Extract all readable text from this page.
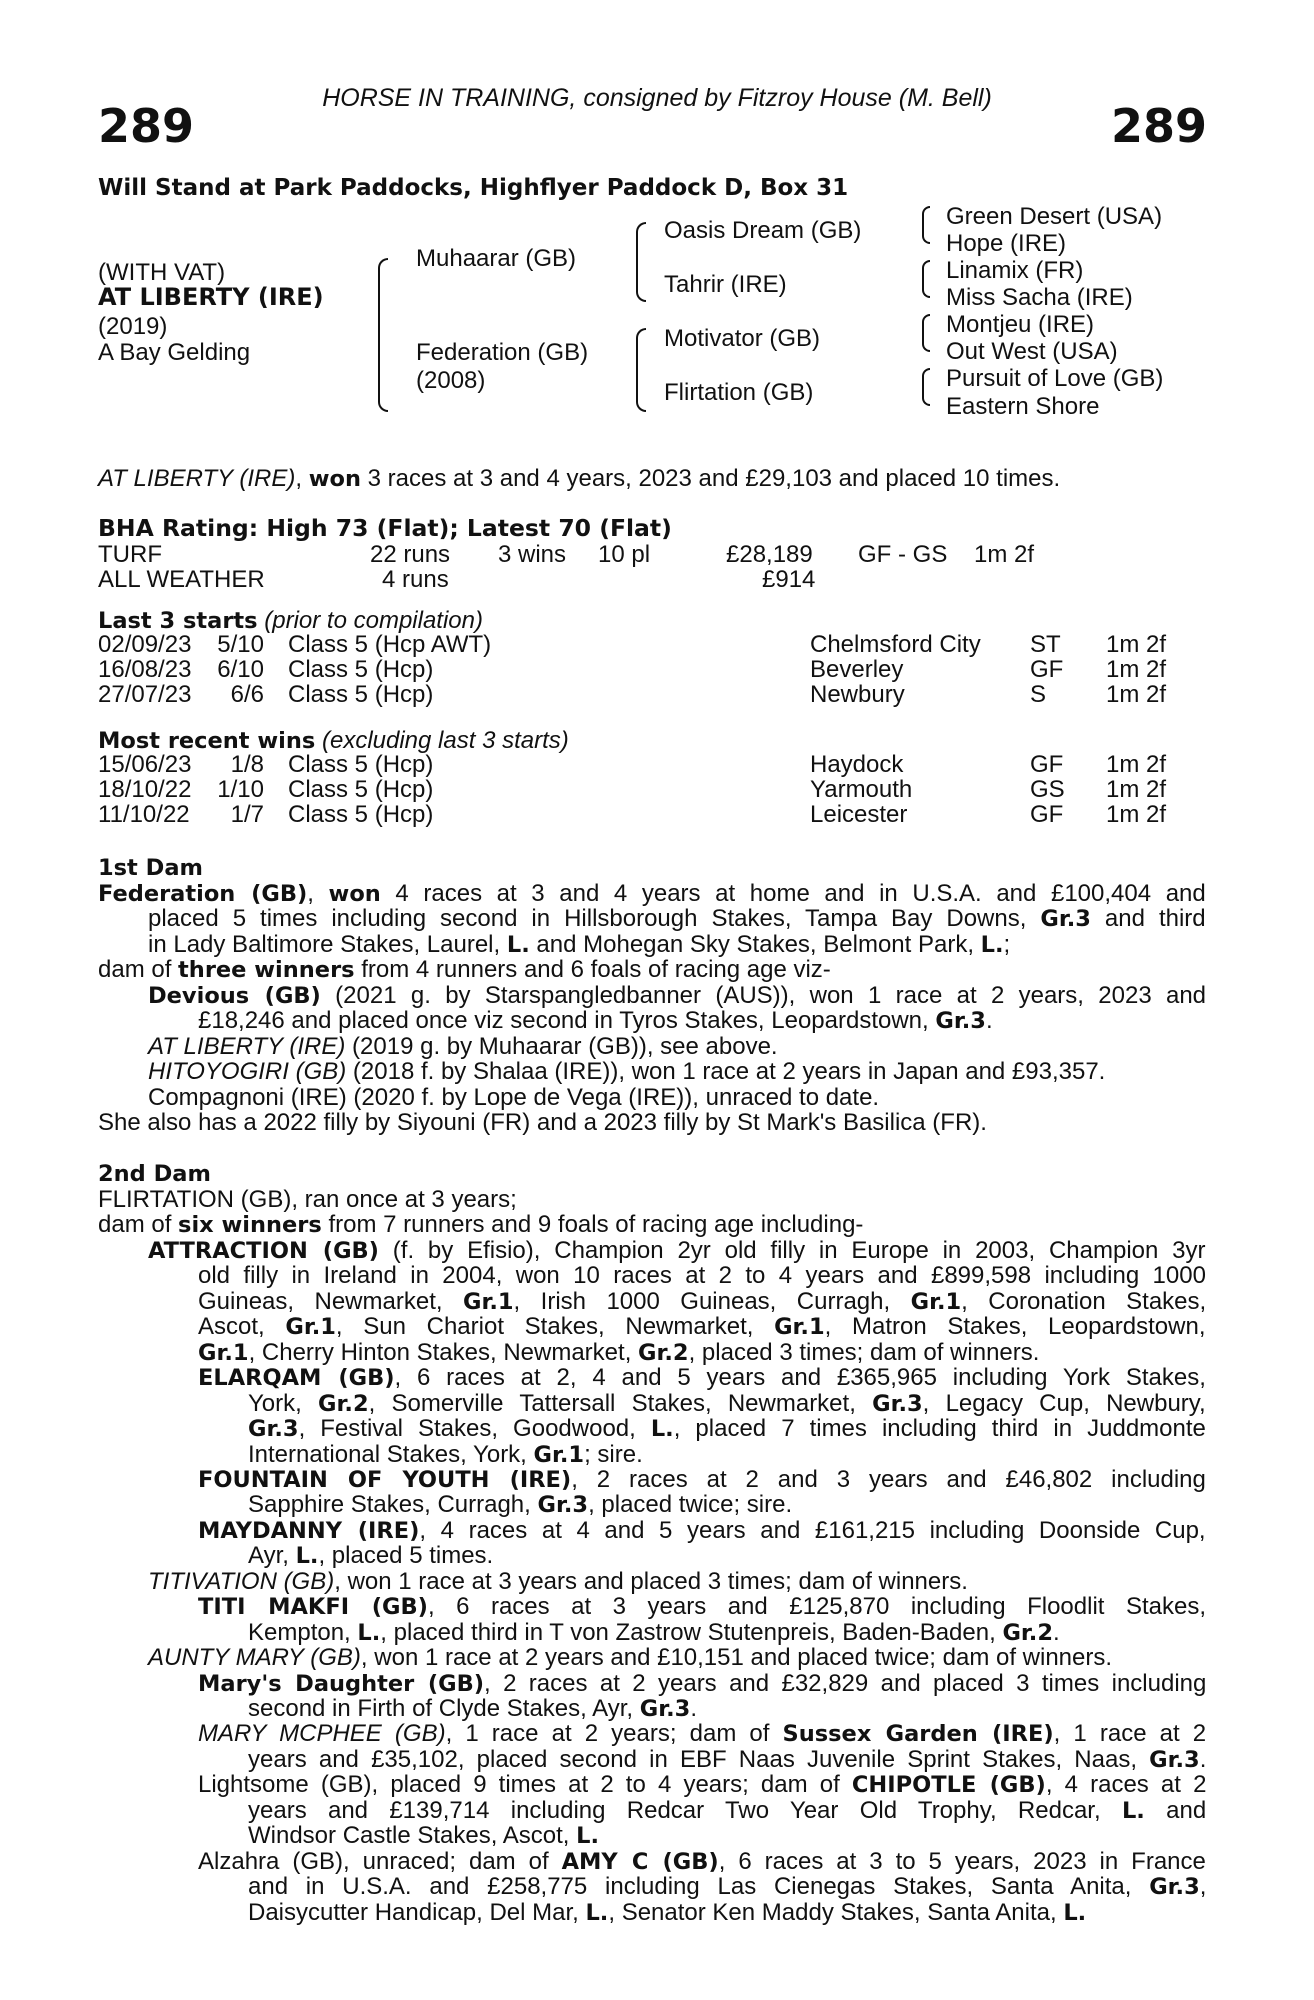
HORSE IN TRAINING, consigned by Fitzroy House (M. Bell)
289	289
Will Stand at Park Paddocks, Highflyer Paddock D, Box 31
(WITH VAT)
AT LIBERTY (IRE)
(2019)
A Bay Gelding
Muhaarar (GB)
Federation (GB)
(2008)
Oasis Dream (GB)
Tahrir (IRE)
Motivator (GB)
Flirtation (GB)
Green Desert (USA)
Hope (IRE)
Linamix (FR)
Miss Sacha (IRE)
Montjeu (IRE)
Out West (USA)
Pursuit of Love (GB)
Eastern Shore
AT LIBERTY (IRE), won 3 races at 3 and 4 years, 2023 and £29,103 and placed 10 times.
BHA Rating: High 73 (Flat); Latest 70 (Flat)
TURF	22 runs 3 wins 10 pl	£28,189 GF - GS 1m 2f
ALL WEATHER	4 runs	£914
Last 3 starts (prior to compilation)
02/09/23 5/10 Class 5 (Hcp AWT)	Chelmsford City ST 1m 2f
16/08/23 6/10 Class 5 (Hcp)	Beverley	GF 1m 2f
27/07/23 6/6 Class 5 (Hcp)	Newbury	S 1m 2f
Most recent wins (excluding last 3 starts)
15/06/23 1/8 Class 5 (Hcp)	Haydock	GF 1m 2f
18/10/22 1/10 Class 5 (Hcp)	Yarmouth	GS 1m 2f
11/10/22 1/7 Class 5 (Hcp)	Leicester	GF 1m 2f
1st Dam
Federation (GB), won 4 races at 3 and 4 years at home and in U.S.A. and £100,404 and
placed 5 times including second in Hillsborough Stakes, Tampa Bay Downs, Gr.3 and third
in Lady Baltimore Stakes, Laurel, L. and Mohegan Sky Stakes, Belmont Park, L.;
dam of three winners from 4 runners and 6 foals of racing age viz-
Devious (GB) (2021 g. by Starspangledbanner (AUS)), won 1 race at 2 years, 2023 and
£18,246 and placed once viz second in Tyros Stakes, Leopardstown, Gr.3.
AT LIBERTY (IRE) (2019 g. by Muhaarar (GB)), see above.
HITOYOGIRI (GB) (2018 f. by Shalaa (IRE)), won 1 race at 2 years in Japan and £93,357.
Compagnoni (IRE) (2020 f. by Lope de Vega (IRE)), unraced to date.
She also has a 2022 filly by Siyouni (FR) and a 2023 filly by St Mark's Basilica (FR).
2nd Dam
FLIRTATION (GB), ran once at 3 years;
dam of six winners from 7 runners and 9 foals of racing age including-
ATTRACTION (GB) (f. by Efisio), Champion 2yr old filly in Europe in 2003, Champion 3yr
old filly in Ireland in 2004, won 10 races at 2 to 4 years and £899,598 including 1000
Guineas, Newmarket, Gr.1, Irish 1000 Guineas, Curragh, Gr.1, Coronation Stakes,
Ascot, Gr.1, Sun Chariot Stakes, Newmarket, Gr.1, Matron Stakes, Leopardstown,
Gr.1, Cherry Hinton Stakes, Newmarket, Gr.2, placed 3 times; dam of winners.
ELARQAM (GB), 6 races at 2, 4 and 5 years and £365,965 including York Stakes,
York, Gr.2, Somerville Tattersall Stakes, Newmarket, Gr.3, Legacy Cup, Newbury,
Gr.3, Festival Stakes, Goodwood, L., placed 7 times including third in Juddmonte
International Stakes, York, Gr.1; sire.
FOUNTAIN OF YOUTH (IRE), 2 races at 2 and 3 years and £46,802 including
Sapphire Stakes, Curragh, Gr.3, placed twice; sire.
MAYDANNY (IRE), 4 races at 4 and 5 years and £161,215 including Doonside Cup,
Ayr, L., placed 5 times.
TITIVATION (GB), won 1 race at 3 years and placed 3 times; dam of winners.
TITI MAKFI (GB), 6 races at 3 years and £125,870 including Floodlit Stakes,
Kempton, L., placed third in T von Zastrow Stutenpreis, Baden-Baden, Gr.2.
AUNTY MARY (GB), won 1 race at 2 years and £10,151 and placed twice; dam of winners.
Mary's Daughter (GB), 2 races at 2 years and £32,829 and placed 3 times including
second in Firth of Clyde Stakes, Ayr, Gr.3.
MARY MCPHEE (GB), 1 race at 2 years; dam of Sussex Garden (IRE), 1 race at 2
years and £35,102, placed second in EBF Naas Juvenile Sprint Stakes, Naas, Gr.3.
Lightsome (GB), placed 9 times at 2 to 4 years; dam of CHIPOTLE (GB), 4 races at 2
years and £139,714 including Redcar Two Year Old Trophy, Redcar, L. and
Windsor Castle Stakes, Ascot, L.
Alzahra (GB), unraced; dam of AMY C (GB), 6 races at 3 to 5 years, 2023 in France
and in U.S.A. and £258,775 including Las Cienegas Stakes, Santa Anita, Gr.3,
Daisycutter Handicap, Del Mar, L., Senator Ken Maddy Stakes, Santa Anita, L.
